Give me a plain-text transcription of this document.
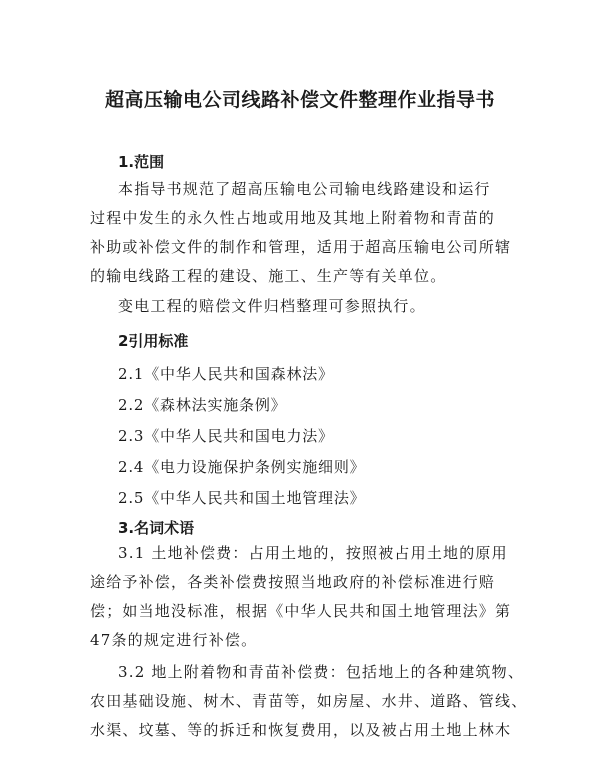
超高压输电公司线路补偿文件整理作业指导书
1.范围
本指导书规范了超高压输电公司输电线路建设和运行
过程中发生的永久性占地或用地及其地上附着物和青苗的
补助或补偿文件的制作和管理，适用于超高压输电公司所辖
的输电线路工程的建设、施工、生产等有关单位。
变电工程的赔偿文件归档整理可参照执行。
2引用标准
2.1《中华人民共和国森林法》
2.2《森林法实施条例》
2.3《中华人民共和国电力法》
2.4《电力设施保护条例实施细则》
2.5《中华人民共和国土地管理法》
3.名词术语
3.1 土地补偿费：占用土地的，按照被占用土地的原用
途给予补偿，各类补偿费按照当地政府的补偿标准进行赔
偿；如当地没标准，根据《中华人民共和国土地管理法》第
47条的规定进行补偿。
3.2 地上附着物和青苗补偿费：包括地上的各种建筑物、
农田基础设施、树木、青苗等，如房屋、水井、道路、管线、
水渠、坟墓、等的拆迁和恢复费用，以及被占用土地上林木
